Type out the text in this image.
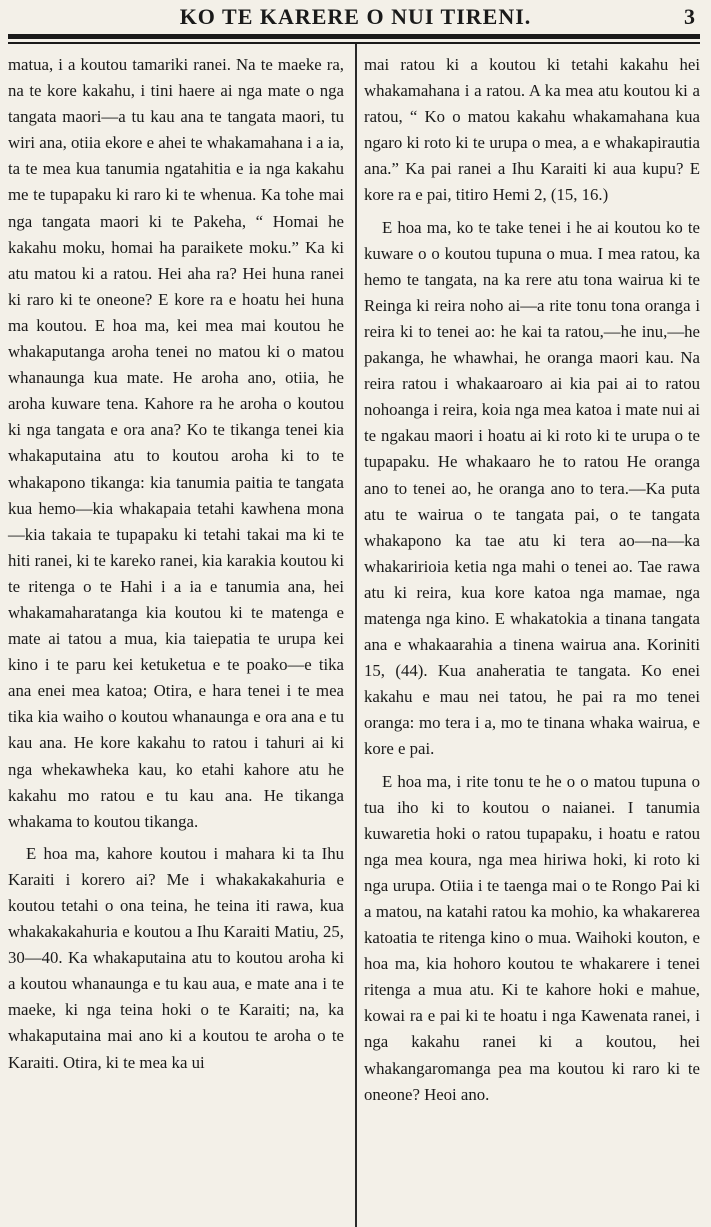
KO TE KARERE O NUI TIRENI.	3

matua, i a koutou tamariki ranei. Na te maeke ra, na te kore kakahu, i tini haere ai nga mate o nga tangata maori—a tu kau ana te tangata maori, tu wiri ana, otiia ekore e ahei te whakamahana i a ia, ta te mea kua tanumia ngatahitia e ia nga kakahu me te tupapaku ki raro ki te whenua. Ka tohe mai nga tangata maori ki te Pakeha, “ Homai he kakahu moku, homai ha paraikete moku.” Ka ki atu matou ki a ratou. Hei aha ra? Hei huna ranei ki raro ki te oneone? E kore ra e hoatu hei huna ma koutou. E hoa ma, kei mea mai koutou he whakaputanga aroha tenei no matou ki o matou whanaunga kua mate. He aroha ano, otiia, he aroha kuware tena. Kahore ra he aroha o koutou ki nga tangata e ora ana? Ko te tikanga tenei kia whakaputaina atu to koutou aroha ki to te whakapono tikanga: kia tanumia paitia te tangata kua hemo—kia whakapaia tetahi kawhena mona—kia takaia te tupapaku ki tetahi takai ma ki te hiti ranei, ki te kareko ranei, kia karakia koutou ki te ritenga o te Hahi i a ia e tanumia ana, hei whakamaharatanga kia koutou ki te matenga e mate ai tatou a mua, kia taiepatia te urupa kei kino i te paru kei ketuketua e te poako—e tika ana enei mea katoa; Otira, e hara tenei i te mea tika kia waiho o koutou whanaunga e ora ana e tu kau ana. He kore kakahu to ratou i tahuri ai ki nga whekawheka kau, ko etahi kahore atu he kakahu mo ratou e tu kau ana. He tikanga whakama to koutou tikanga.

E hoa ma, kahore koutou i mahara ki ta Ihu Karaiti i korero ai? Me i whakakakahuria e koutou tetahi o ona teina, he teina iti rawa, kua whakakakahuria e koutou a Ihu Karaiti Matiu, 25, 30—40. Ka whakaputaina atu to koutou aroha ki a koutou whanaunga e tu kau aua, e mate ana i te maeke, ki nga teina hoki o te Karaiti; na, ka whakaputaina mai ano ki a koutou te aroha o te Karaiti. Otira, ki te mea ka ui

mai ratou ki a koutou ki tetahi kakahu hei whakamahana i a ratou. A ka mea atu koutou ki a ratou, “ Ko o matou kakahu whakamahana kua ngaro ki roto ki te urupa o mea, a e whakapirautia ana.” Ka pai ranei a Ihu Karaiti ki aua kupu? E kore ra e pai, titiro Hemi 2, (15, 16.)

E hoa ma, ko te take tenei i he ai koutou ko te kuware o o koutou tupuna o mua. I mea ratou, ka hemo te tangata, na ka rere atu tona wairua ki te Reinga ki reira noho ai—a rite tonu tona oranga i reira ki to tenei ao: he kai ta ratou,—he inu,—he pakanga, he whawhai, he oranga maori kau. Na reira ratou i whakaaroaro ai kia pai ai to ratou nohoanga i reira, koia nga mea katoa i mate nui ai te ngakau maori i hoatu ai ki roto ki te urupa o te tupapaku. He whakaaro he to ratou He oranga ano to tenei ao, he oranga ano to tera.—Ka puta atu te wairua o te tangata pai, o te tangata whakapono ka tae atu ki tera ao—na—ka whakaririoia ketia nga mahi o tenei ao. Tae rawa atu ki reira, kua kore katoa nga mamae, nga matenga nga kino. E whakatokia a tinana tangata ana e whakaarahia a tinena wairua ana. Koriniti 15, (44). Kua anaheratia te tangata. Ko enei kakahu e mau nei tatou, he pai ra mo tenei oranga: mo tera i a, mo te tinana whaka wairua, e kore e pai.

E hoa ma, i rite tonu te he o o matou tupuna o tua iho ki to koutou o naianei. I tanumia kuwaretia hoki o ratou tupapaku, i hoatu e ratou nga mea koura, nga mea hiriwa hoki, ki roto ki nga urupa. Otiia i te taenga mai o te Rongo Pai ki a matou, na katahi ratou ka mohio, ka whakarerea katoatia te ritenga kino o mua. Waihoki kouton, e hoa ma, kia hohoro koutou te whakarere i tenei ritenga a mua atu. Ki te kahore hoki e mahue, kowai ra e pai ki te hoatu i nga Kawenata ranei, i nga kakahu ranei ki a koutou, hei whakangaromanga pea ma koutou ki raro ki te oneone? Heoi ano.
